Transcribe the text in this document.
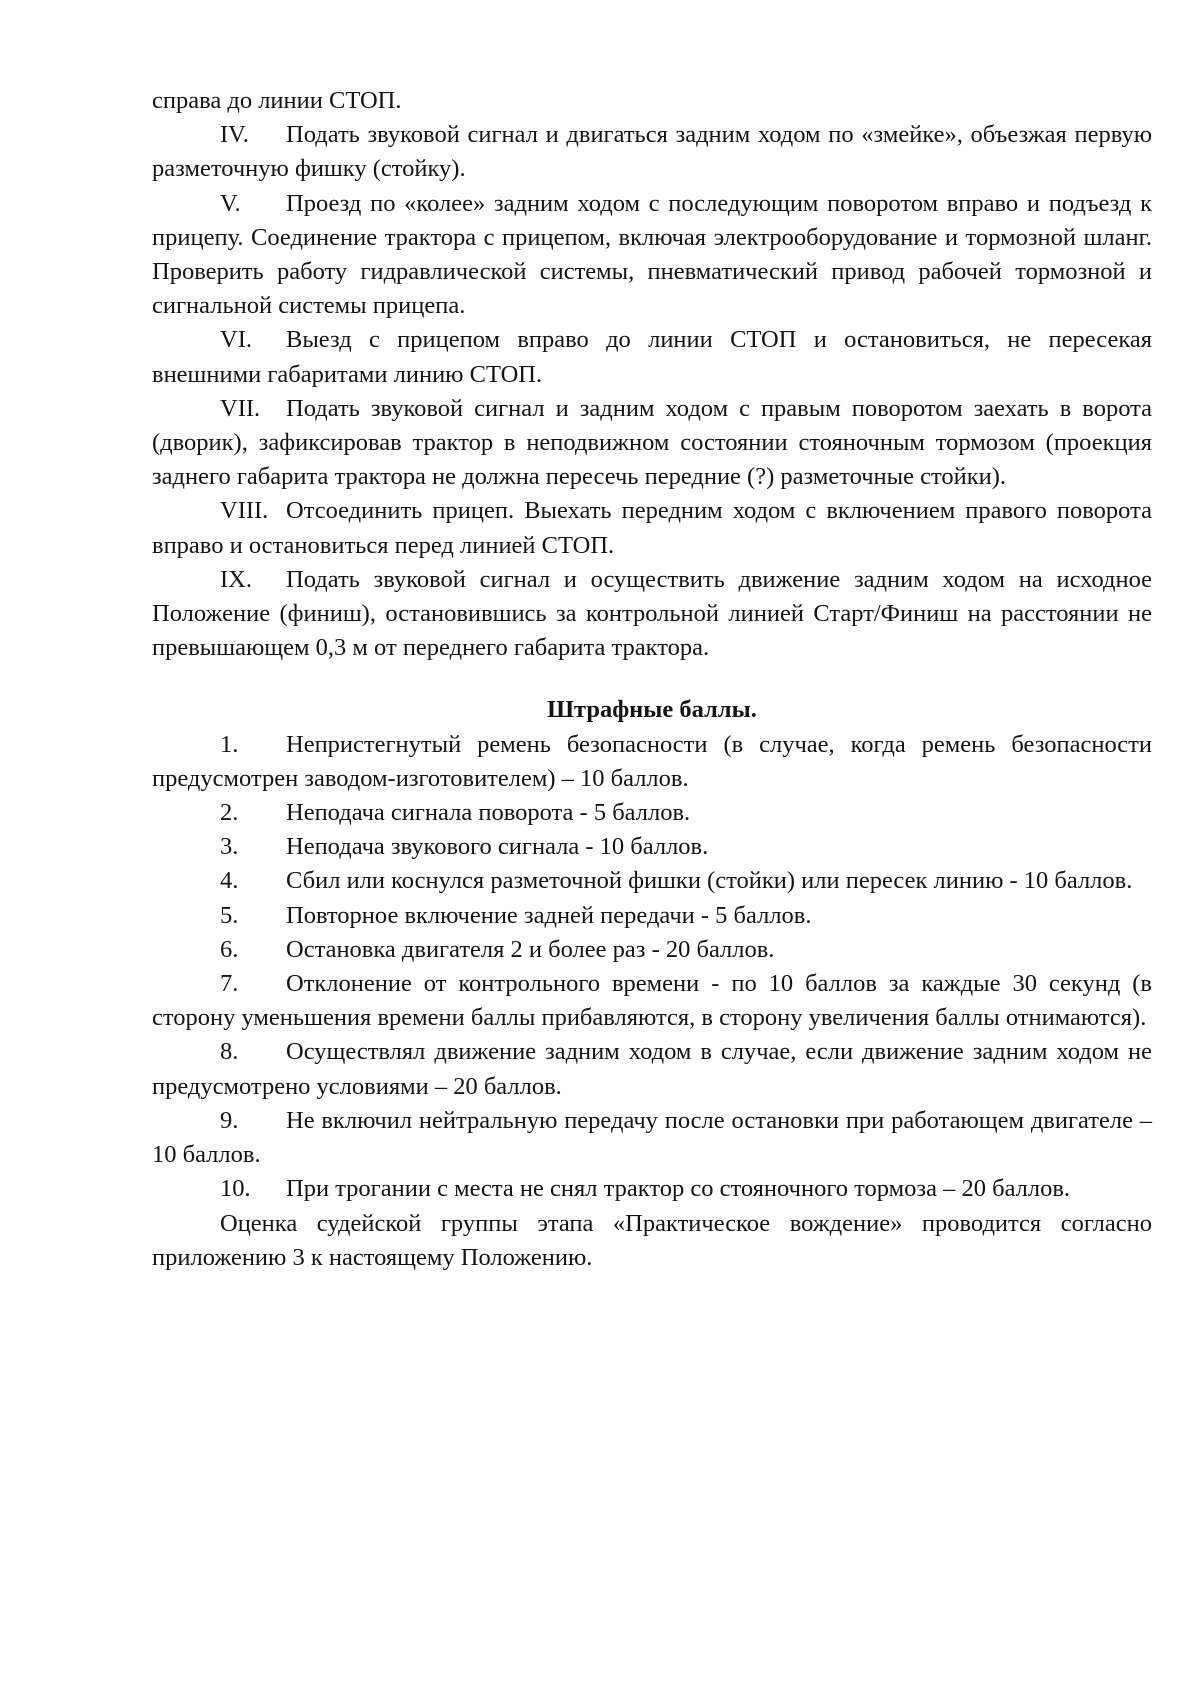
справа до линии СТОП.

IV. Подать звуковой сигнал и двигаться задним ходом по «змейке», объезжая первую разметочную фишку (стойку).

V. Проезд по «колее» задним ходом с последующим поворотом вправо и подъезд к прицепу. Соединение трактора с прицепом, включая электрооборудование и тормозной шланг. Проверить работу гидравлической системы, пневматический привод рабочей тормозной и сигнальной системы прицепа.

VI. Выезд с прицепом вправо до линии СТОП и остановиться, не пересекая внешними габаритами линию СТОП.

VII. Подать звуковой сигнал и задним ходом с правым поворотом заехать в ворота (дворик), зафиксировав трактор в неподвижном состоянии стояночным тормозом (проекция заднего габарита трактора не должна пересечь передние (?) разметочные стойки).

VIII. Отсоединить прицеп. Выехать передним ходом с включением правого поворота вправо и остановиться перед линией СТОП.

IX. Подать звуковой сигнал и осуществить движение задним ходом на исходное Положение (финиш), остановившись за контрольной линией Старт/Финиш на расстоянии не превышающем 0,3 м от переднего габарита трактора.

Штрафные баллы.

1. Непристегнутый ремень безопасности (в случае, когда ремень безопасности предусмотрен заводом-изготовителем) – 10 баллов.

2. Неподача сигнала поворота - 5 баллов.

3. Неподача звукового сигнала - 10 баллов.

4. Сбил или коснулся разметочной фишки (стойки) или пересек линию - 10 баллов.

5. Повторное включение задней передачи - 5 баллов.

6. Остановка двигателя 2 и более раз - 20 баллов.

7. Отклонение от контрольного времени - по 10 баллов за каждые 30 секунд (в сторону уменьшения времени баллы прибавляются, в сторону увеличения баллы отнимаются).

8. Осуществлял движение задним ходом в случае, если движение задним ходом не предусмотрено условиями – 20 баллов.

9. Не включил нейтральную передачу после остановки при работающем двигателе – 10 баллов.

10. При трогании с места не снял трактор со стояночного тормоза – 20 баллов.

Оценка судейской группы этапа «Практическое вождение» проводится согласно приложению 3 к настоящему Положению.
